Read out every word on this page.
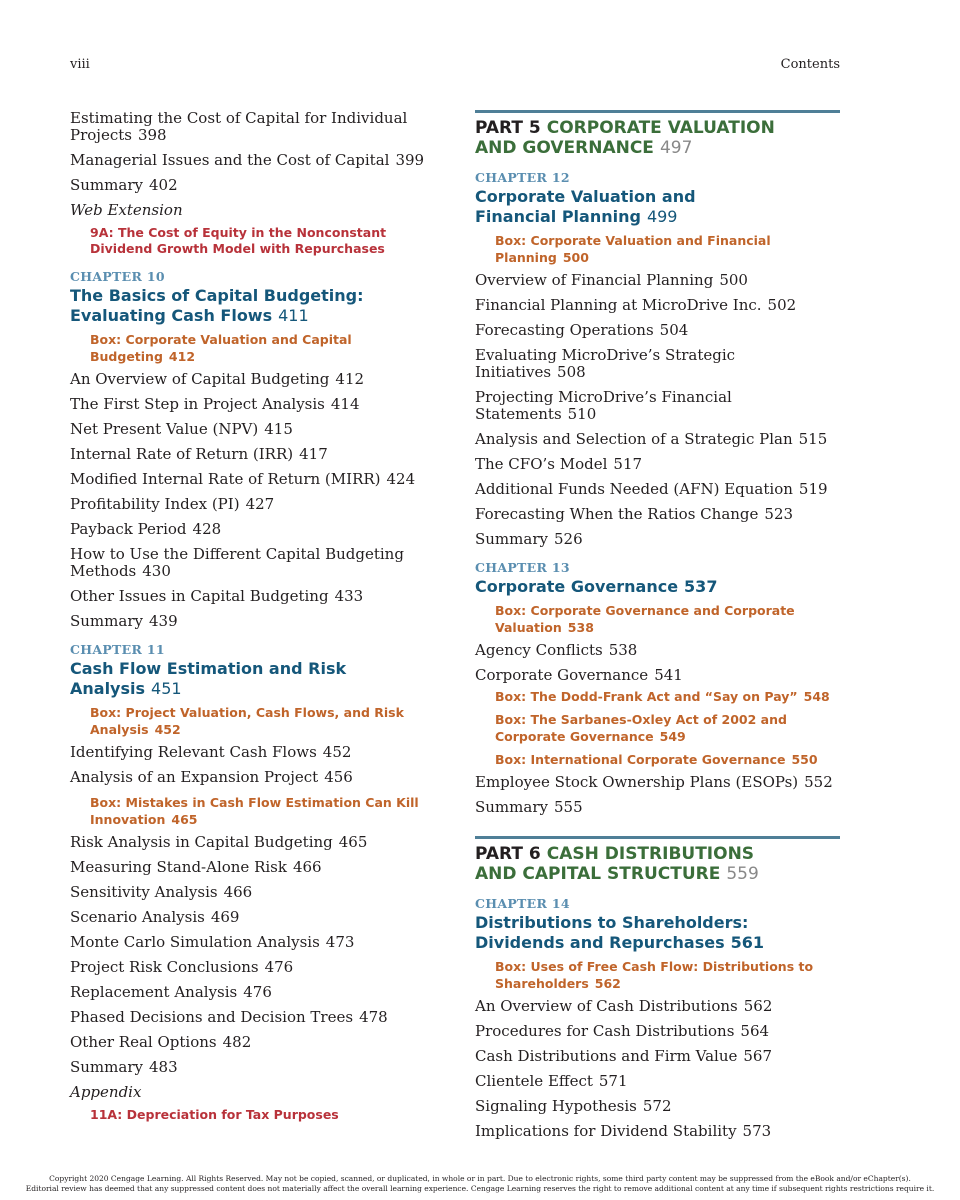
viii	Contents
Estimating the Cost of Capital for Individual Projects 398
Managerial Issues and the Cost of Capital 399
Summary 402
Web Extension
9A: The Cost of Equity in the Nonconstant Dividend Growth Model with Repurchases
CHAPTER 10
The Basics of Capital Budgeting: Evaluating Cash Flows 411
Box: Corporate Valuation and Capital Budgeting 412
An Overview of Capital Budgeting 412
The First Step in Project Analysis 414
Net Present Value (NPV) 415
Internal Rate of Return (IRR) 417
Modified Internal Rate of Return (MIRR) 424
Profitability Index (PI) 427
Payback Period 428
How to Use the Different Capital Budgeting Methods 430
Other Issues in Capital Budgeting 433
Summary 439
CHAPTER 11
Cash Flow Estimation and Risk Analysis 451
Box: Project Valuation, Cash Flows, and Risk Analysis 452
Identifying Relevant Cash Flows 452
Analysis of an Expansion Project 456
Box: Mistakes in Cash Flow Estimation Can Kill Innovation 465
Risk Analysis in Capital Budgeting 465
Measuring Stand-Alone Risk 466
Sensitivity Analysis 466
Scenario Analysis 469
Monte Carlo Simulation Analysis 473
Project Risk Conclusions 476
Replacement Analysis 476
Phased Decisions and Decision Trees 478
Other Real Options 482
Summary 483
Appendix
11A: Depreciation for Tax Purposes
PART 5 CORPORATE VALUATION
AND GOVERNANCE 497
CHAPTER 12
Corporate Valuation and
Financial Planning 499
Box: Corporate Valuation and Financial Planning 500
Overview of Financial Planning 500
Financial Planning at MicroDrive Inc. 502
Forecasting Operations 504
Evaluating MicroDrive’s Strategic Initiatives 508
Projecting MicroDrive’s Financial Statements 510
Analysis and Selection of a Strategic Plan 515
The CFO’s Model 517
Additional Funds Needed (AFN) Equation 519
Forecasting When the Ratios Change 523
Summary 526
CHAPTER 13
Corporate Governance 537
Box: Corporate Governance and Corporate Valuation 538
Agency Conflicts 538
Corporate Governance 541
Box: The Dodd-Frank Act and “Say on Pay” 548
Box: The Sarbanes-Oxley Act of 2002 and Corporate Governance 549
Box: International Corporate Governance 550
Employee Stock Ownership Plans (ESOPs) 552
Summary 555
PART 6 CASH DISTRIBUTIONS
AND CAPITAL STRUCTURE 559
CHAPTER 14
Distributions to Shareholders:
Dividends and Repurchases 561
Box: Uses of Free Cash Flow: Distributions to Shareholders 562
An Overview of Cash Distributions 562
Procedures for Cash Distributions 564
Cash Distributions and Firm Value 567
Clientele Effect 571
Signaling Hypothesis 572
Implications for Dividend Stability 573
Copyright 2020 Cengage Learning. All Rights Reserved. May not be copied, scanned, or duplicated, in whole or in part. Due to electronic rights, some third party content may be suppressed from the eBook and/or eChapter(s).
Editorial review has deemed that any suppressed content does not materially affect the overall learning experience. Cengage Learning reserves the right to remove additional content at any time if subsequent rights restrictions require it.
